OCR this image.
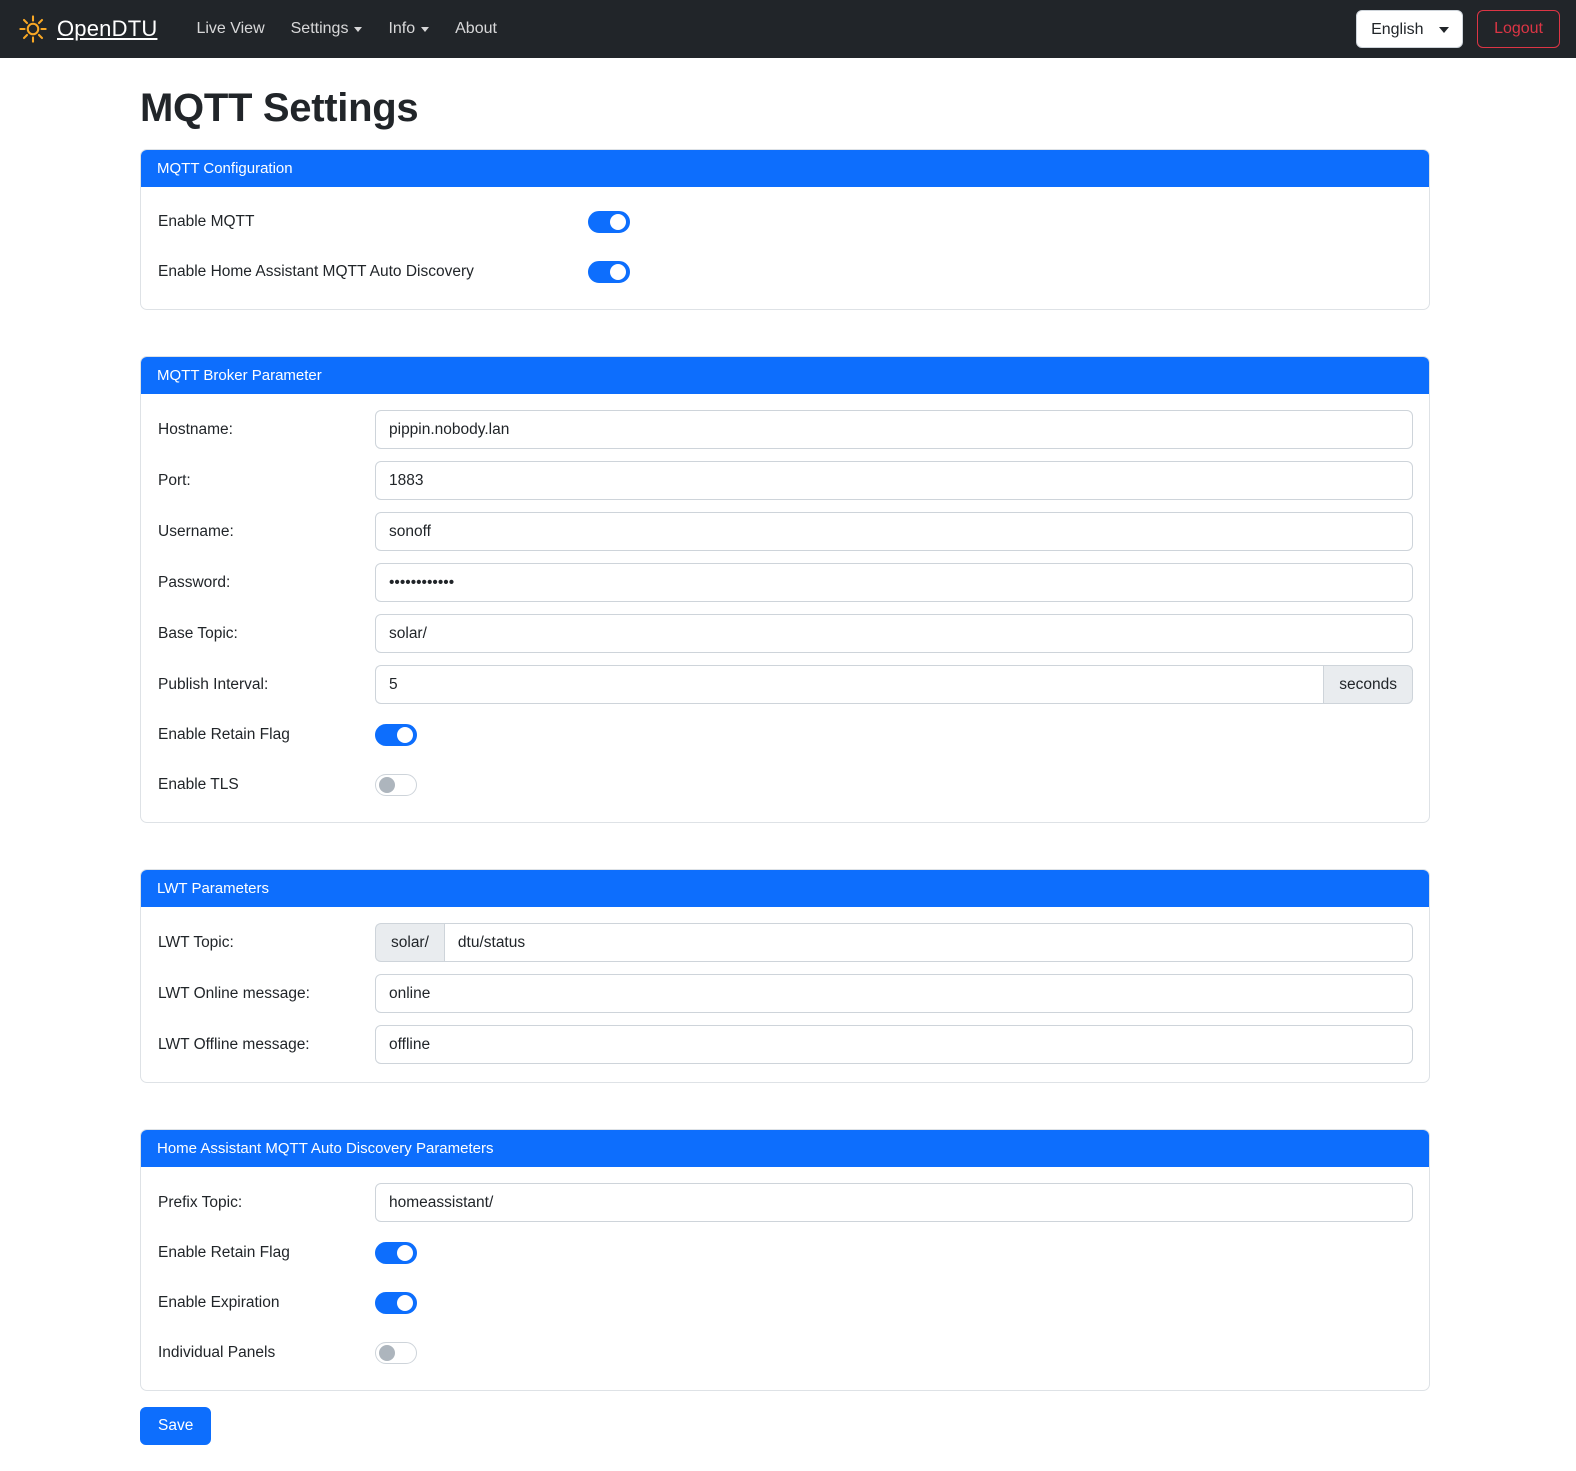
OpenDTU Live View Settings	Info	About
English	Logout
MQTT Settings
MQTT Configuration
Enable MQTT
Enable Home Assistant MQTT Auto Discovery
MQTT Broker Parameter
Hostname:
pippin.nobody.lan
Port:
1883
Username:
sonoff
Password:
••••••••••••
Base Topic:
solar/
Publish Interval:
5	seconds
Enable Retain Flag
Enable TLS
LWT Parameters
LWT Topic:	solar/
dtu/status
LWT Online message:
online
LWT Offline message:
offline
Home Assistant MQTT Auto Discovery Parameters
Prefix Topic:
homeassistant/
Enable Retain Flag
Enable Expiration
Individual Panels
Save
